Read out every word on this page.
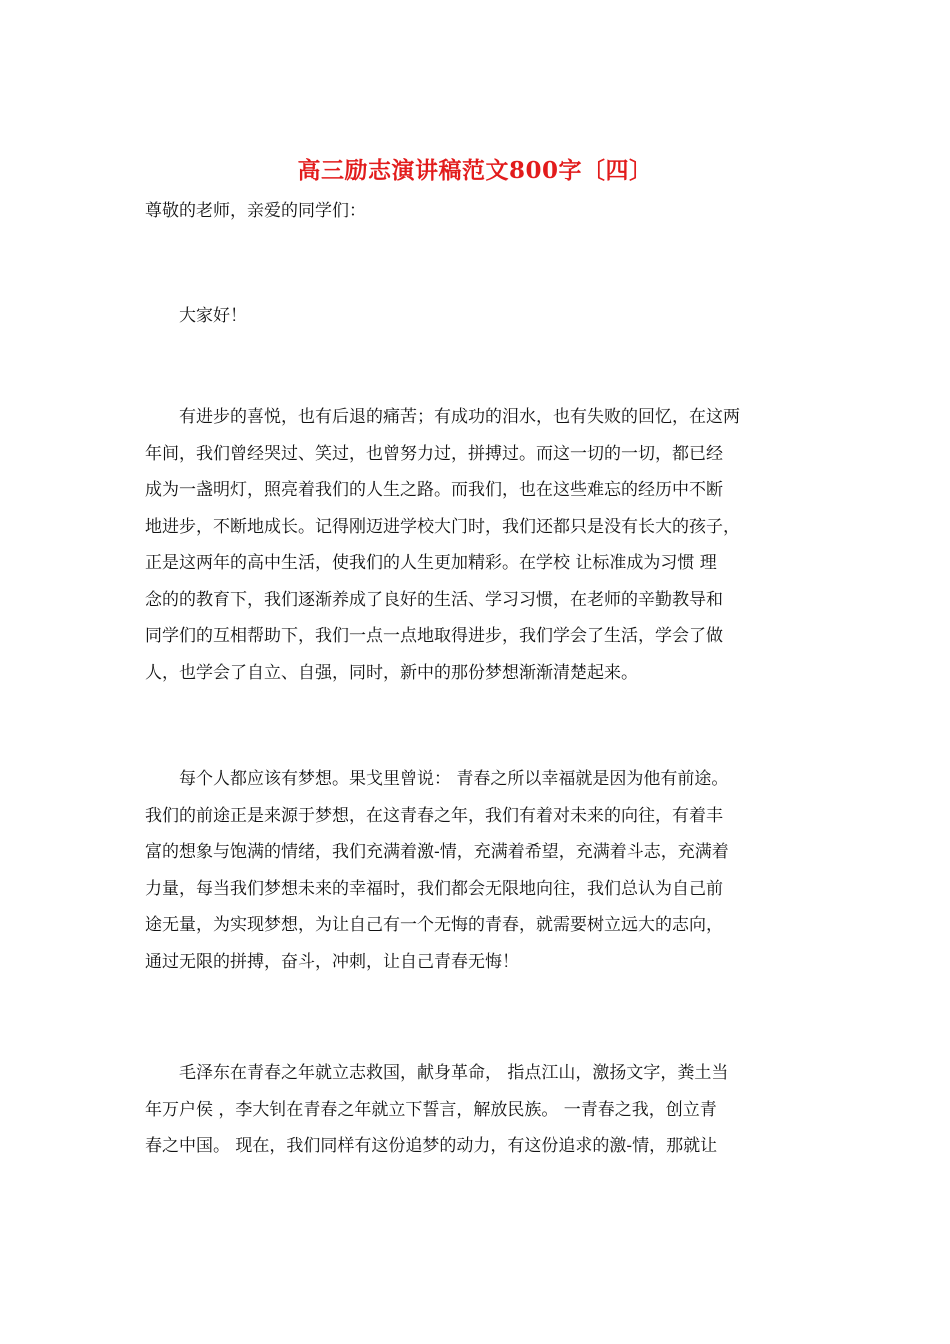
高三励志演讲稿范文800字〔四〕
尊敬的老师，亲爱的同学们：
　　大家好！
　　有进步的喜悦，也有后退的痛苦；有成功的泪水，也有失败的回忆，在这两
年间，我们曾经哭过、笑过，也曾努力过，拼搏过。而这一切的一切，都已经
成为一盏明灯，照亮着我们的人生之路。而我们，也在这些难忘的经历中不断
地进步，不断地成长。记得刚迈进学校大门时，我们还都只是没有长大的孩子，
正是这两年的高中生活，使我们的人生更加精彩。在学校 让标准成为习惯 理
念的的教育下，我们逐渐养成了良好的生活、学习习惯，在老师的辛勤教导和
同学们的互相帮助下，我们一点一点地取得进步，我们学会了生活，学会了做
人，也学会了自立、自强，同时，新中的那份梦想渐渐清楚起来。
　　每个人都应该有梦想。果戈里曾说： 青春之所以幸福就是因为他有前途。
我们的前途正是来源于梦想，在这青春之年，我们有着对未来的向往，有着丰
富的想象与饱满的情绪，我们充满着激-情，充满着希望，充满着斗志，充满着
力量，每当我们梦想未来的幸福时，我们都会无限地向往，我们总认为自己前
途无量，为实现梦想，为让自己有一个无悔的青春，就需要树立远大的志向，
通过无限的拼搏，奋斗，冲刺，让自己青春无悔！
　　毛泽东在青春之年就立志救国，献身革命， 指点江山，激扬文字，粪土当
年万户侯 ，李大钊在青春之年就立下誓言，解放民族。 一青春之我，创立青
春之中国。 现在，我们同样有这份追梦的动力，有这份追求的激-情，那就让
